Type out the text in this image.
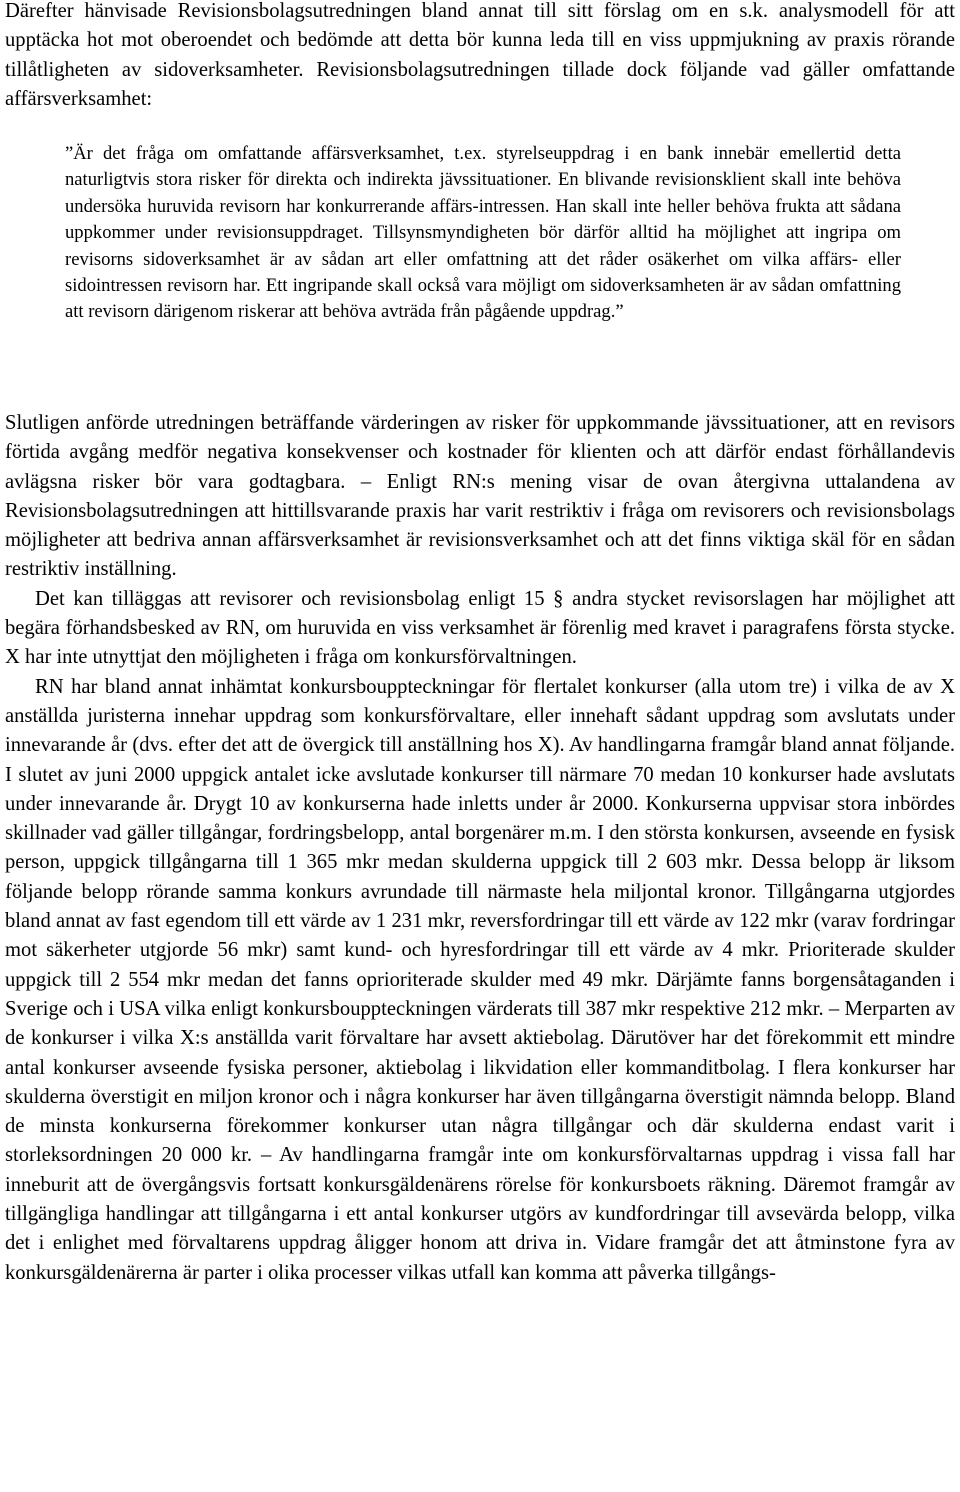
Därefter hänvisade Revisionsbolagsutredningen bland annat till sitt förslag om en s.k. analysmodell för att upptäcka hot mot oberoendet och bedömde att detta bör kunna leda till en viss uppmjukning av praxis rörande tillåtligheten av sidoverksamheter. Revisionsbolagsutredningen tillade dock följande vad gäller omfattande affärsverksamhet:

”Är det fråga om omfattande affärsverksamhet, t.ex. styrelseuppdrag i en bank innebär emellertid detta naturligtvis stora risker för direkta och indirekta jävssituationer. En blivande revisionsklient skall inte behöva undersöka huruvida revisorn har konkurrerande affärs-intressen. Han skall inte heller behöva frukta att sådana uppkommer under revisionsuppdraget. Tillsynsmyndigheten bör därför alltid ha möjlighet att ingripa om revisorns sidoverksamhet är av sådan art eller omfattning att det råder osäkerhet om vilka affärs- eller sidointressen revisorn har. Ett ingripande skall också vara möjligt om sidoverksamheten är av sådan omfattning att revisorn därigenom riskerar att behöva avträda från pågående uppdrag.”

Slutligen anförde utredningen beträffande värderingen av risker för uppkommande jävssituationer, att en revisors förtida avgång medför negativa konsekvenser och kostnader för klienten och att därför endast förhållandevis avlägsna risker bör vara godtagbara. – Enligt RN:s mening visar de ovan återgivna uttalandena av Revisionsbolagsutredningen att hittillsvarande praxis har varit restriktiv i fråga om revisorers och revisionsbolags möjligheter att bedriva annan affärsverksamhet är revisionsverksamhet och att det finns viktiga skäl för en sådan restriktiv inställning.

Det kan tilläggas att revisorer och revisionsbolag enligt 15 § andra stycket revisorslagen har möjlighet att begära förhandsbesked av RN, om huruvida en viss verksamhet är förenlig med kravet i paragrafens första stycke. X har inte utnyttjat den möjligheten i fråga om konkursförvaltningen.

RN har bland annat inhämtat konkursbouppteckningar för flertalet konkurser (alla utom tre) i vilka de av X anställda juristerna innehar uppdrag som konkursförvaltare, eller innehaft sådant uppdrag som avslutats under innevarande år (dvs. efter det att de övergick till anställning hos X). Av handlingarna framgår bland annat följande. I slutet av juni 2000 uppgick antalet icke avslutade konkurser till närmare 70 medan 10 konkurser hade avslutats under innevarande år. Drygt 10 av konkurserna hade inletts under år 2000. Konkurserna uppvisar stora inbördes skillnader vad gäller tillgångar, fordringsbelopp, antal borgenärer m.m. I den största konkursen, avseende en fysisk person, uppgick tillgångarna till 1 365 mkr medan skulderna uppgick till 2 603 mkr. Dessa belopp är liksom följande belopp rörande samma konkurs avrundade till närmaste hela miljontal kronor. Tillgångarna utgjordes bland annat av fast egendom till ett värde av 1 231 mkr, reversfordringar till ett värde av 122 mkr (varav fordringar mot säkerheter utgjorde 56 mkr) samt kund- och hyresfordringar till ett värde av 4 mkr. Prioriterade skulder uppgick till 2 554 mkr medan det fanns oprioriterade skulder med 49 mkr. Därjämte fanns borgensåtaganden i Sverige och i USA vilka enligt konkursbouppteckningen värderats till 387 mkr respektive 212 mkr. – Merparten av de konkurser i vilka X:s anställda varit förvaltare har avsett aktiebolag. Därutöver har det förekommit ett mindre antal konkurser avseende fysiska personer, aktiebolag i likvidation eller kommanditbolag. I flera konkurser har skulderna överstigit en miljon kronor och i några konkurser har även tillgångarna överstigit nämnda belopp. Bland de minsta konkurserna förekommer konkurser utan några tillgångar och där skulderna endast varit i storleksordningen 20 000 kr. – Av handlingarna framgår inte om konkursförvaltarnas uppdrag i vissa fall har inneburit att de övergångsvis fortsatt konkursgäldenärens rörelse för konkursboets räkning. Däremot framgår av tillgängliga handlingar att tillgångarna i ett antal konkurser utgörs av kundfordringar till avsevärda belopp, vilka det i enlighet med förvaltarens uppdrag åligger honom att driva in. Vidare framgår det att åtminstone fyra av konkursgäldenärerna är parter i olika processer vilkas utfall kan komma att påverka tillgångs-
